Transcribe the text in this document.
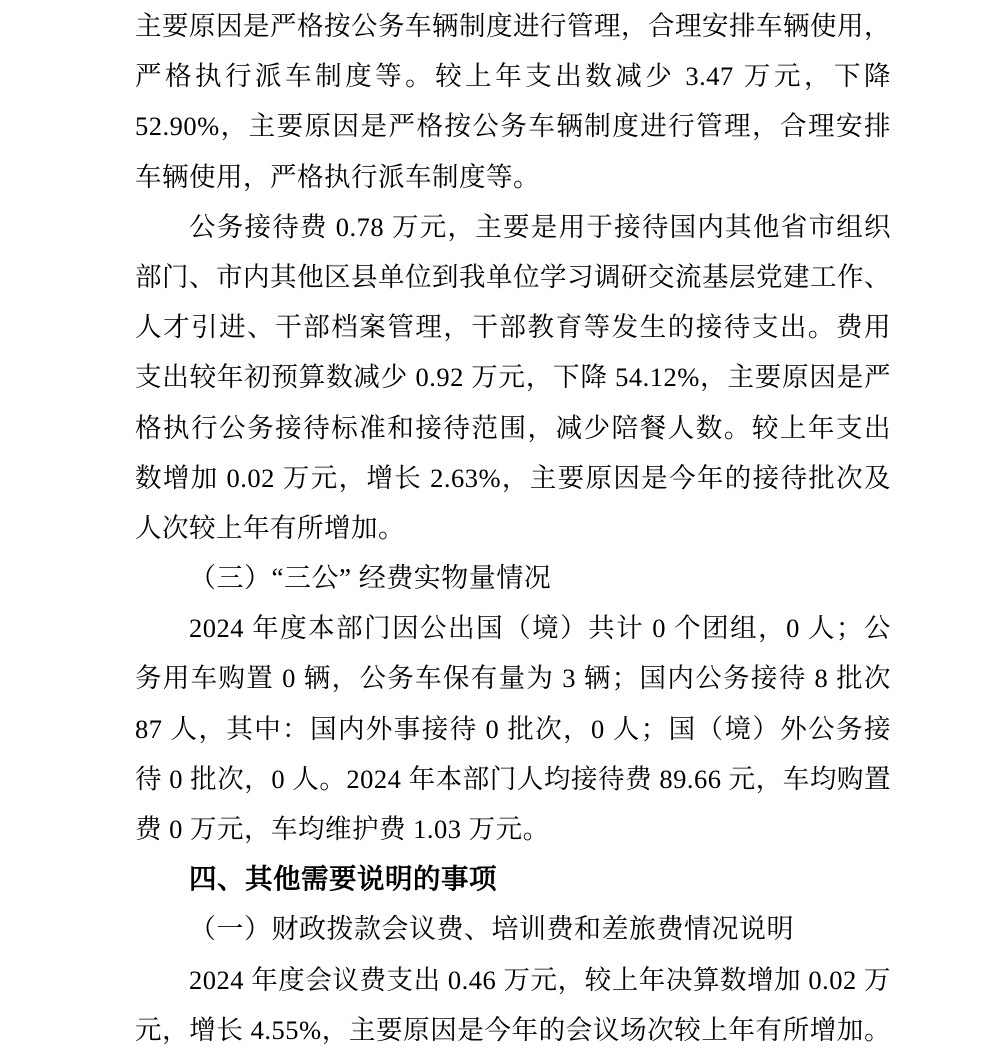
主要原因是严格按公务车辆制度进行管理，合理安排车辆使用，
严格执行派车制度等。较上年支出数减少 3.47 万元，下降
52.90%，主要原因是严格按公务车辆制度进行管理，合理安排
车辆使用，严格执行派车制度等。
公务接待费 0.78 万元，主要是用于接待国内其他省市组织
部门、市内其他区县单位到我单位学习调研交流基层党建工作、
人才引进、干部档案管理，干部教育等发生的接待支出。费用
支出较年初预算数减少 0.92 万元，下降 54.12%，主要原因是严
格执行公务接待标准和接待范围，减少陪餐人数。较上年支出
数增加 0.02 万元，增长 2.63%，主要原因是今年的接待批次及
人次较上年有所增加。
（三）“三公” 经费实物量情况
2024 年度本部门因公出国（境）共计 0 个团组，0 人；公
务用车购置 0 辆，公务车保有量为 3 辆；国内公务接待 8 批次
87 人，其中：国内外事接待 0 批次，0 人；国（境）外公务接
待 0 批次，0 人。2024 年本部门人均接待费 89.66 元，车均购置
费 0 万元，车均维护费 1.03 万元。
四、其他需要说明的事项
（一）财政拨款会议费、培训费和差旅费情况说明
2024 年度会议费支出 0.46 万元，较上年决算数增加 0.02 万
元，增长 4.55%，主要原因是今年的会议场次较上年有所增加。
